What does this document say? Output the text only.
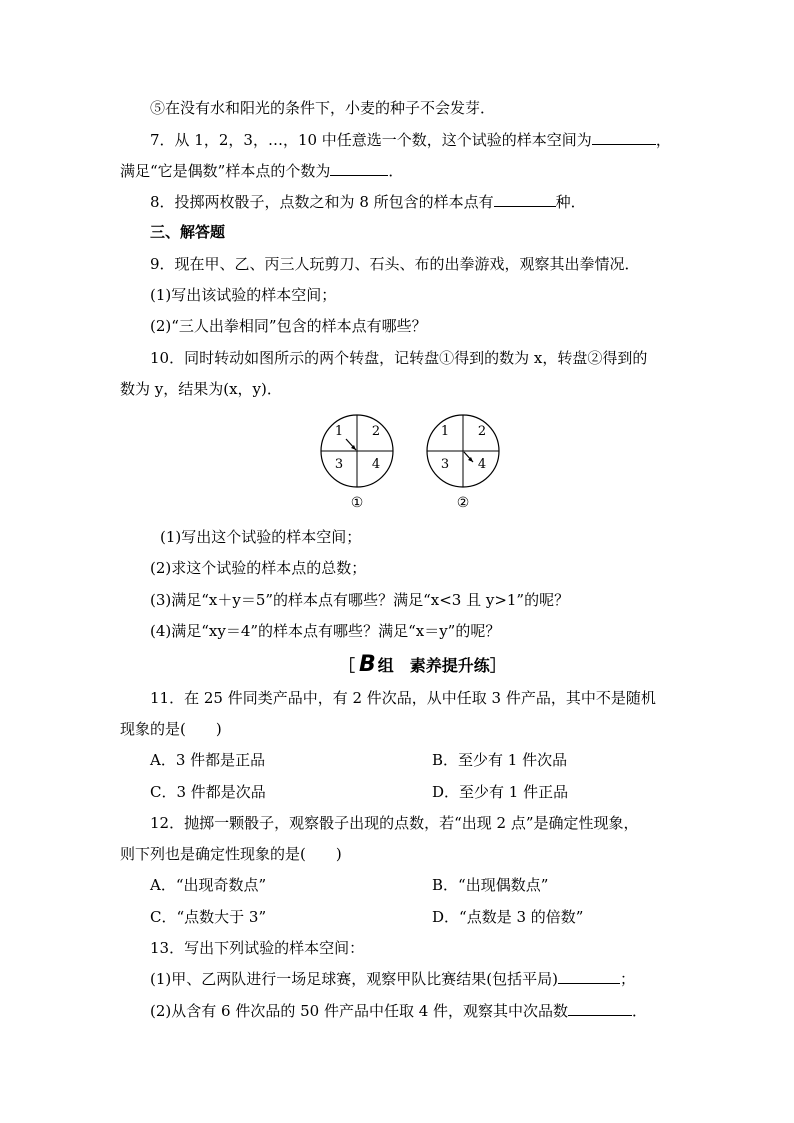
⑤在没有水和阳光的条件下，小麦的种子不会发芽．
7．从 1，2，3，…，10 中任意选一个数，这个试验的样本空间为	，
满足“它是偶数”样本点的个数为	．
8．投掷两枚骰子，点数之和为 8 所包含的样本点有	种．
三、解答题
9．现在甲、乙、丙三人玩剪刀、石头、布的出拳游戏，观察其出拳情况．
(1)写出该试验的样本空间；
(2)“三人出拳相同”包含的样本点有哪些？
10．同时转动如图所示的两个转盘，记转盘①得到的数为 x，转盘②得到的
数为 y，结果为(x，y)．
1	2
3	4
1	2
3	4
①	②
(1)写出这个试验的样本空间；
(2)求这个试验的样本点的总数；
(3)满足“x＋y＝5”的样本点有哪些？满足“x<3 且 y>1”的呢？
(4)满足“xy＝4”的样本点有哪些？满足“x＝y”的呢？
［ B 组　素养提升练］
11．在 25 件同类产品中，有 2 件次品，从中任取 3 件产品，其中不是随机
现象的是(　　)
A．3 件都是正品	B．至少有 1 件次品
C．3 件都是次品	D．至少有 1 件正品
12．抛掷一颗骰子，观察骰子出现的点数，若“出现 2 点”是确定性现象，
则下列也是确定性现象的是(　　)
A．“出现奇数点”	B．“出现偶数点”
C．“点数大于 3”	D．“点数是 3 的倍数”
13．写出下列试验的样本空间：
(1)甲、乙两队进行一场足球赛，观察甲队比赛结果(包括平局)	；
(2)从含有 6 件次品的 50 件产品中任取 4 件，观察其中次品数	．
